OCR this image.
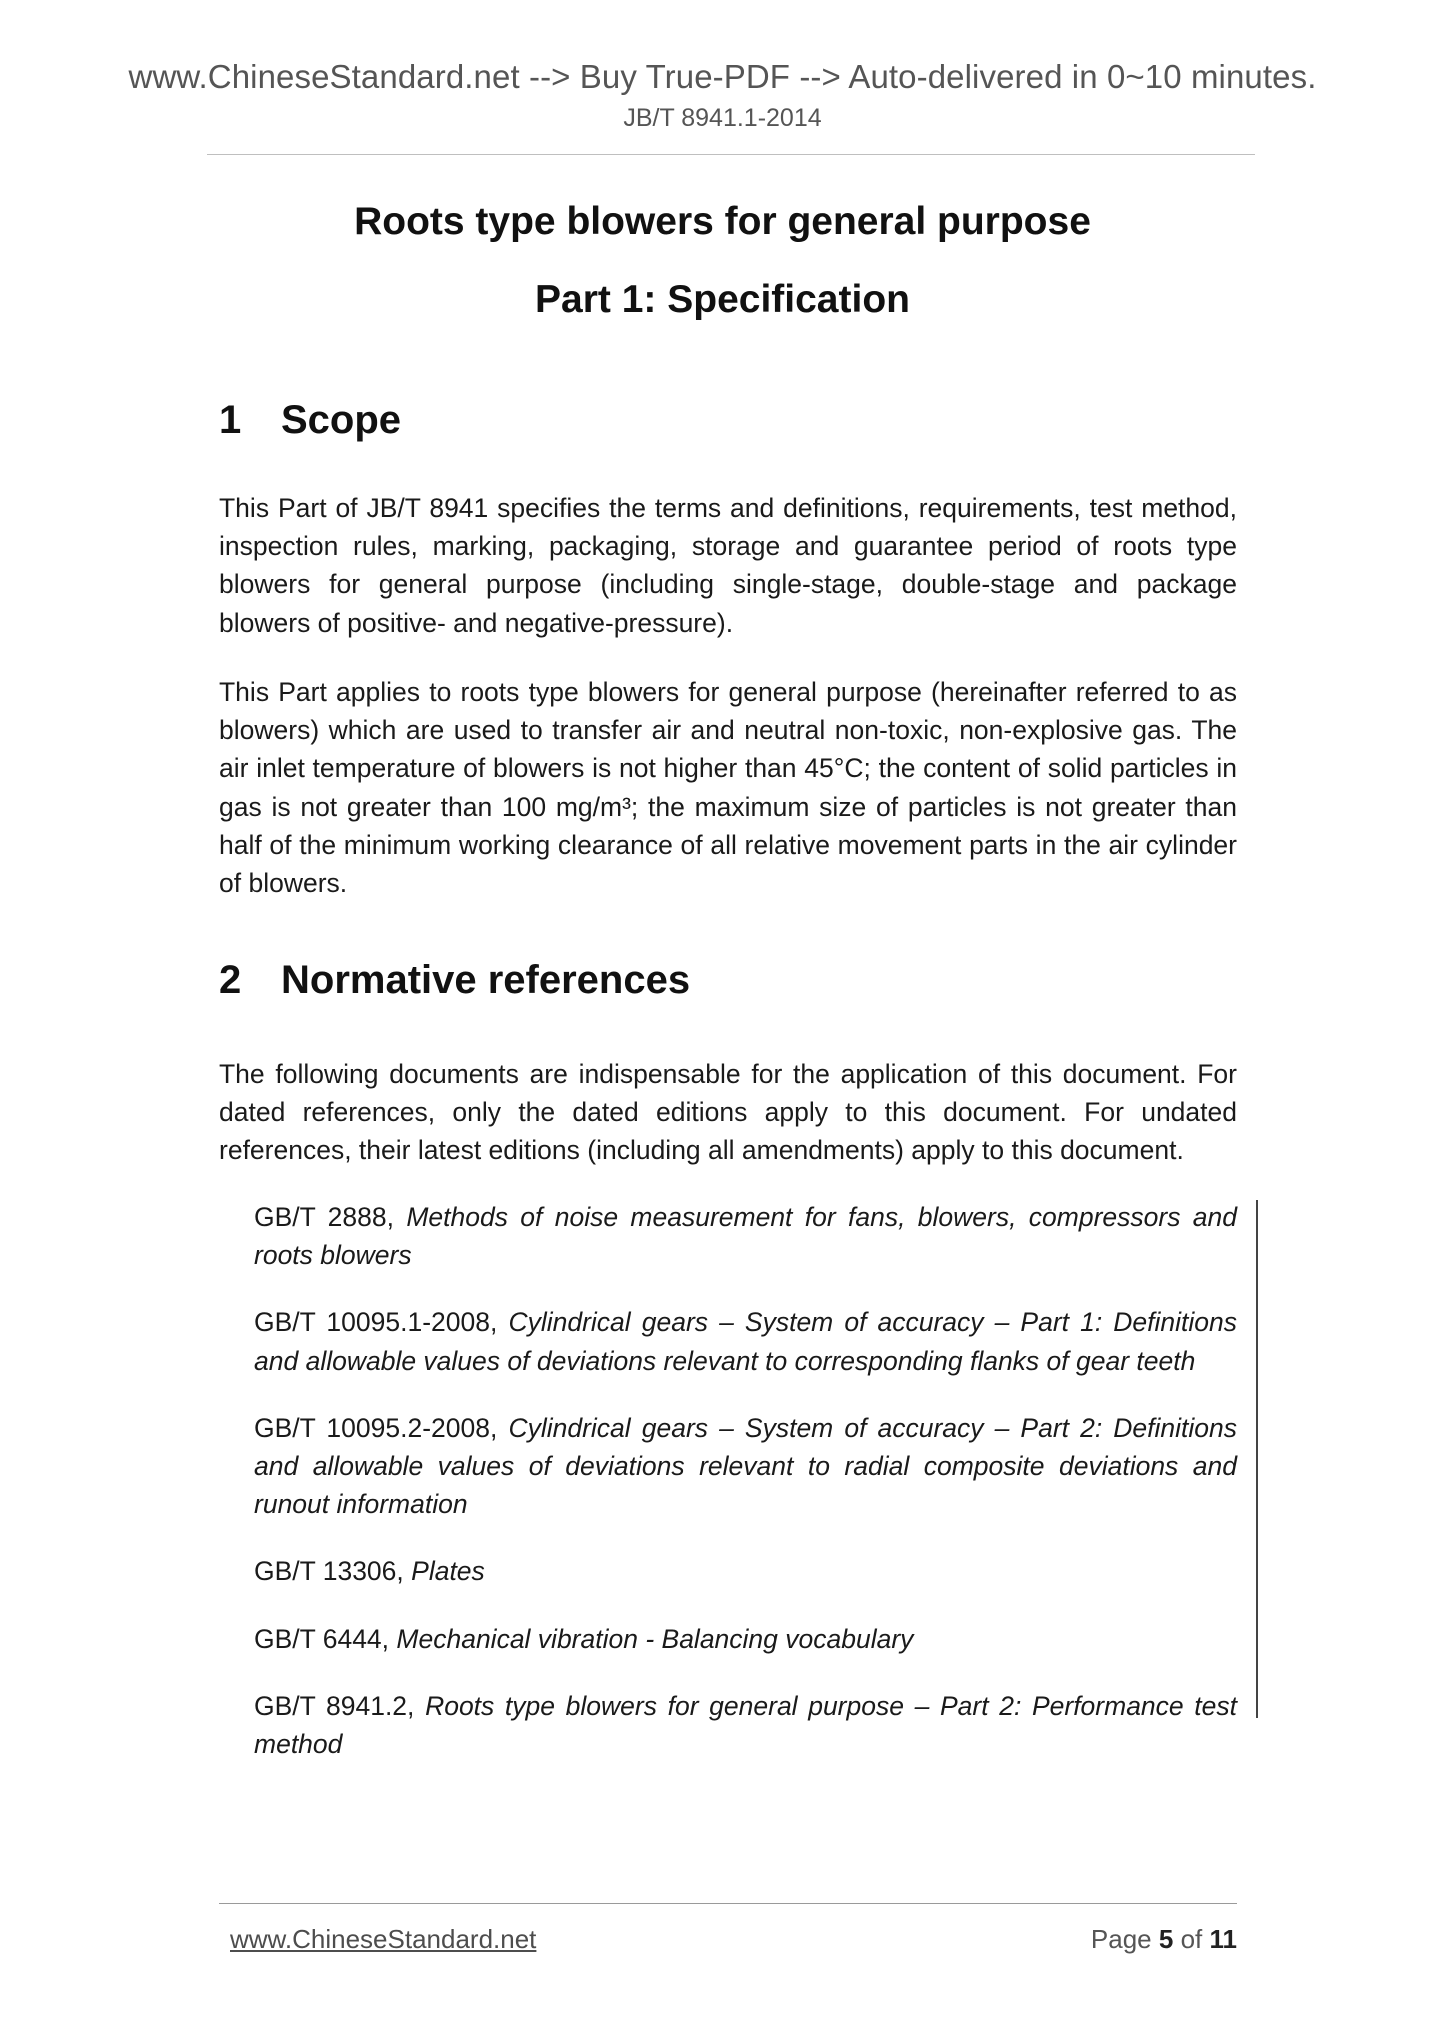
www.ChineseStandard.net --> Buy True-PDF --> Auto-delivered in 0~10 minutes.
JB/T 8941.1-2014
Roots type blowers for general purpose
Part 1: Specification
1 Scope
This Part of JB/T 8941 specifies the terms and definitions, requirements, test method, inspection rules, marking, packaging, storage and guarantee period of roots type blowers for general purpose (including single-stage, double-stage and package blowers of positive- and negative-pressure).
This Part applies to roots type blowers for general purpose (hereinafter referred to as blowers) which are used to transfer air and neutral non-toxic, non-explosive gas. The air inlet temperature of blowers is not higher than 45°C; the content of solid particles in gas is not greater than 100 mg/m³; the maximum size of particles is not greater than half of the minimum working clearance of all relative movement parts in the air cylinder of blowers.
2 Normative references
The following documents are indispensable for the application of this document. For dated references, only the dated editions apply to this document. For undated references, their latest editions (including all amendments) apply to this document.
GB/T 2888, Methods of noise measurement for fans, blowers, compressors and roots blowers
GB/T 10095.1-2008, Cylindrical gears – System of accuracy – Part 1: Definitions and allowable values of deviations relevant to corresponding flanks of gear teeth
GB/T 10095.2-2008, Cylindrical gears – System of accuracy – Part 2: Definitions and allowable values of deviations relevant to radial composite deviations and runout information
GB/T 13306, Plates
GB/T 6444, Mechanical vibration - Balancing vocabulary
GB/T 8941.2, Roots type blowers for general purpose – Part 2: Performance test method
www.ChineseStandard.net	Page 5 of 11
